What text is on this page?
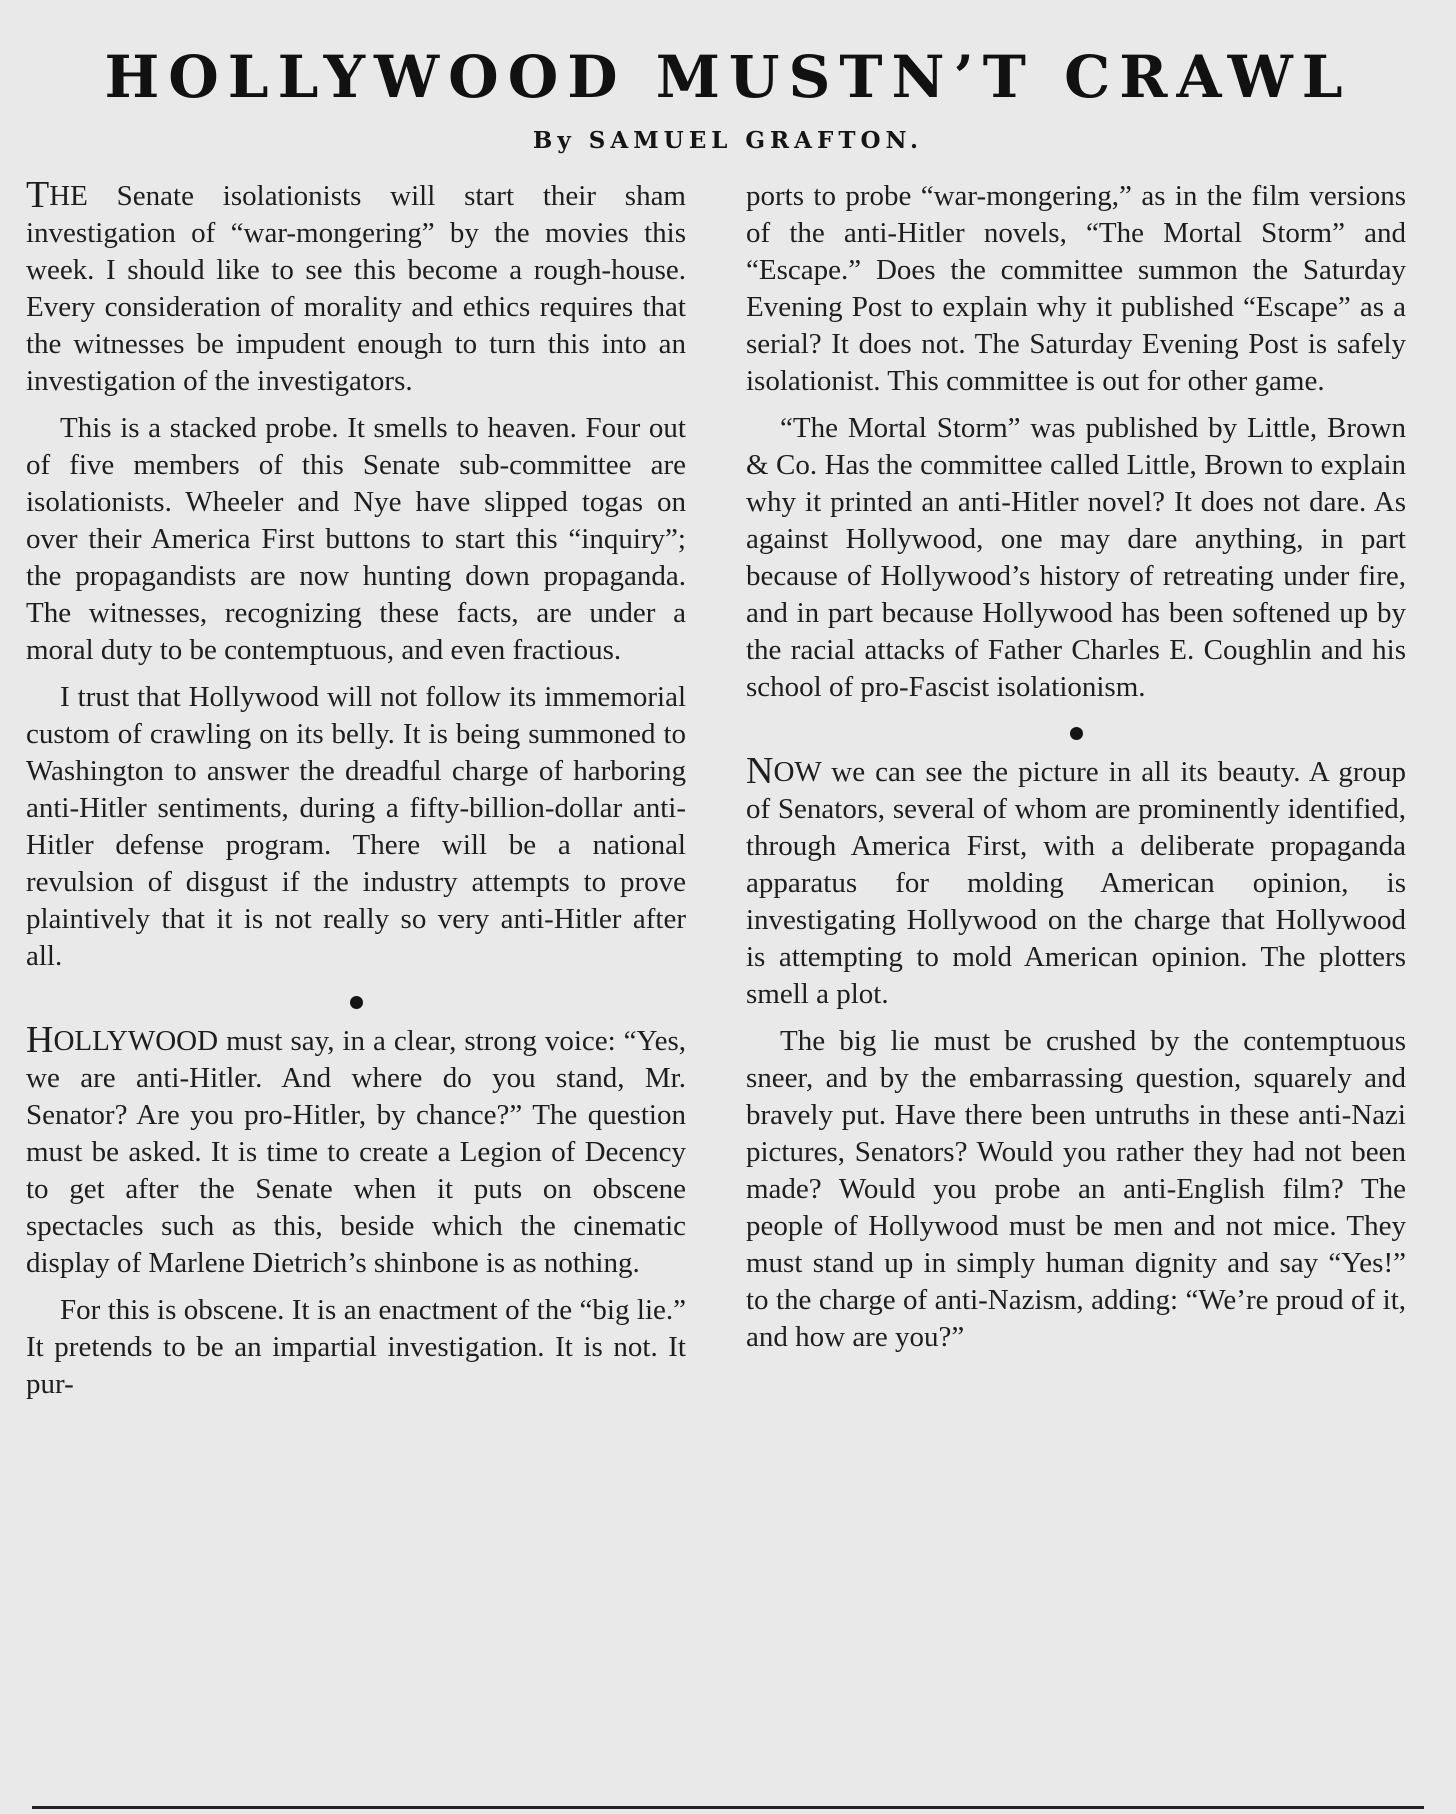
HOLLYWOOD MUSTN’T CRAWL
By SAMUEL GRAFTON.

THE Senate isolationists will start their sham investigation of “war-mongering” by the movies this week. I should like to see this become a rough-house. Every consideration of morality and ethics requires that the witnesses be impudent enough to turn this into an investigation of the investigators.

This is a stacked probe. It smells to heaven. Four out of five members of this Senate sub-committee are isolationists. Wheeler and Nye have slipped togas on over their America First buttons to start this “inquiry”; the propagandists are now hunting down propaganda. The witnesses, recognizing these facts, are under a moral duty to be contemptuous, and even fractious.

I trust that Hollywood will not follow its immemorial custom of crawling on its belly. It is being summoned to Washington to answer the dreadful charge of harboring anti-Hitler sentiments, during a fifty-billion-dollar anti-Hitler defense program. There will be a national revulsion of disgust if the industry attempts to prove plaintively that it is not really so very anti-Hitler after all.

HOLLYWOOD must say, in a clear, strong voice: “Yes, we are anti-Hitler. And where do you stand, Mr. Senator? Are you pro-Hitler, by chance?” The question must be asked. It is time to create a Legion of Decency to get after the Senate when it puts on obscene spectacles such as this, beside which the cinematic display of Marlene Dietrich’s shinbone is as nothing.

For this is obscene. It is an enactment of the “big lie.” It pretends to be an impartial investigation. It is not. It pur-

ports to probe “war-mongering,” as in the film versions of the anti-Hitler novels, “The Mortal Storm” and “Escape.” Does the committee summon the Saturday Evening Post to explain why it published “Escape” as a serial? It does not. The Saturday Evening Post is safely isolationist. This committee is out for other game.

“The Mortal Storm” was published by Little, Brown & Co. Has the committee called Little, Brown to explain why it printed an anti-Hitler novel? It does not dare. As against Hollywood, one may dare anything, in part because of Hollywood’s history of retreating under fire, and in part because Hollywood has been softened up by the racial attacks of Father Charles E. Coughlin and his school of pro-Fascist isolationism.

NOW we can see the picture in all its beauty. A group of Senators, several of whom are prominently identified, through America First, with a deliberate propaganda apparatus for molding American opinion, is investigating Hollywood on the charge that Hollywood is attempting to mold American opinion. The plotters smell a plot.

The big lie must be crushed by the contemptuous sneer, and by the embarrassing question, squarely and bravely put. Have there been untruths in these anti-Nazi pictures, Senators? Would you rather they had not been made? Would you probe an anti-English film? The people of Hollywood must be men and not mice. They must stand up in simply human dignity and say “Yes!” to the charge of anti-Nazism, adding: “We’re proud of it, and how are you?”
